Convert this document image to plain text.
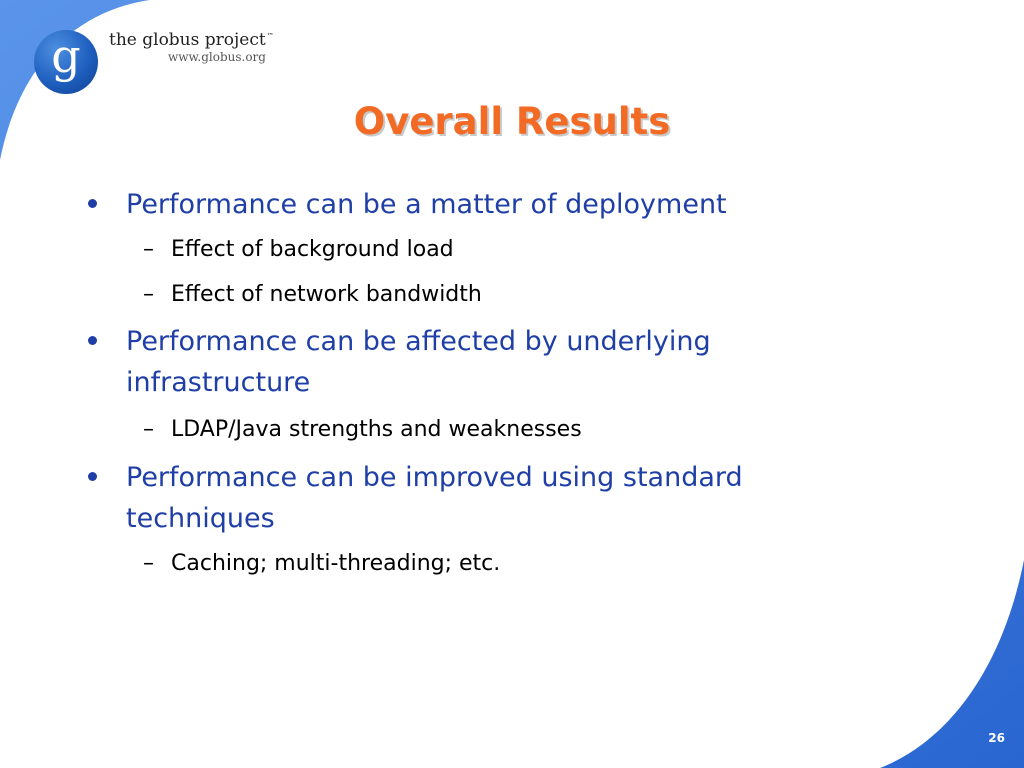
g	the globus project™
www.globus.org
Overall Results
Performance can be a matter of deployment
– Effect of background load
– Effect of network bandwidth
Performance can be affected by underlying
infrastructure
– LDAP/Java strengths and weaknesses
Performance can be improved using standard
techniques
– Caching; multi-threading; etc.
26
